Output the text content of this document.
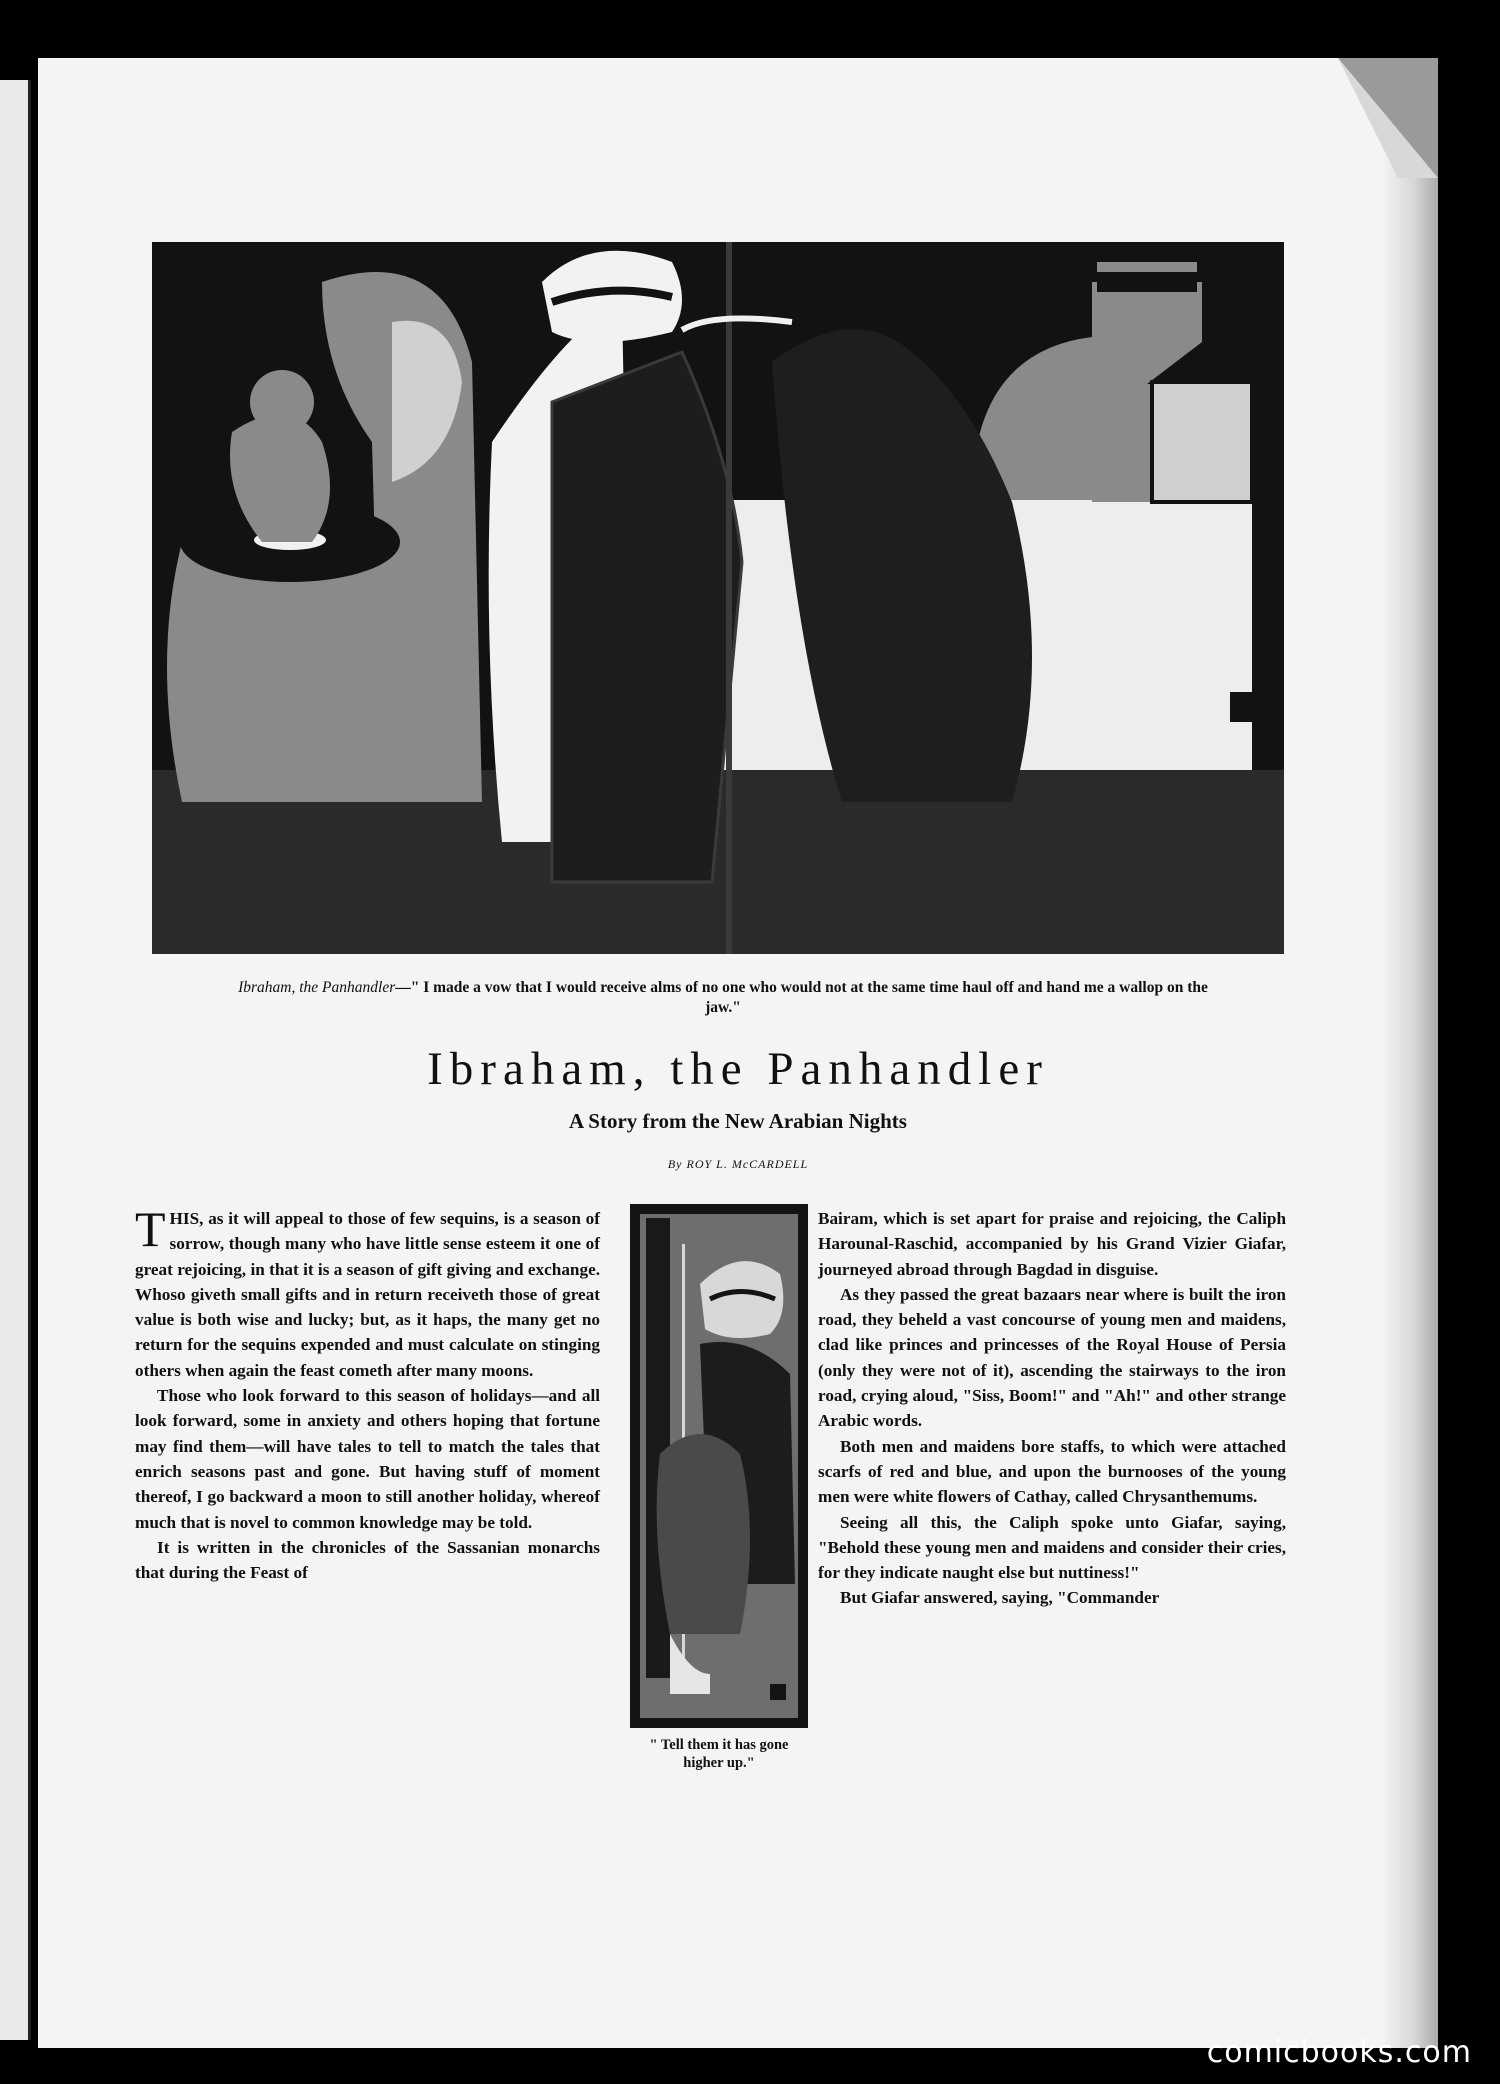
Ibraham, the Panhandler—" I made a vow that I would receive alms of no one who would not at the same time haul off and hand me a wallop on the jaw."
Ibraham, the Panhandler
A Story from the New Arabian Nights
By ROY L. McCARDELL

THIS, as it will appeal to those of few sequins, is a season of sorrow, though many who have little sense esteem it one of great rejoicing, in that it is a season of gift giving and exchange. Whoso giveth small gifts and in return receiveth those of great value is both wise and lucky; but, as it haps, the many get no return for the sequins expended and must calculate on stinging others when again the feast cometh after many moons.

Those who look forward to this season of holidays—and all look forward, some in anxiety and others hoping that fortune may find them—will have tales to tell to match the tales that enrich seasons past and gone. But having stuff of moment thereof, I go backward a moon to still another holiday, whereof much that is novel to common knowledge may be told.

It is written in the chronicles of the Sassanian monarchs that during the Feast of

" Tell them it has gone higher up."

Bairam, which is set apart for praise and rejoicing, the Caliph Harounal-Raschid, accompanied by his Grand Vizier Giafar, journeyed abroad through Bagdad in disguise.

As they passed the great bazaars near where is built the iron road, they beheld a vast concourse of young men and maidens, clad like princes and princesses of the Royal House of Persia (only they were not of it), ascending the stairways to the iron road, crying aloud, "Siss, Boom!" and "Ah!" and other strange Arabic words.

Both men and maidens bore staffs, to which were attached scarfs of red and blue, and upon the burnooses of the young men were white flowers of Cathay, called Chrysanthemums.

Seeing all this, the Caliph spoke unto Giafar, saying, "Behold these young men and maidens and consider their cries, for they indicate naught else but nuttiness!"

But Giafar answered, saying, "Commander

comicbooks.com
